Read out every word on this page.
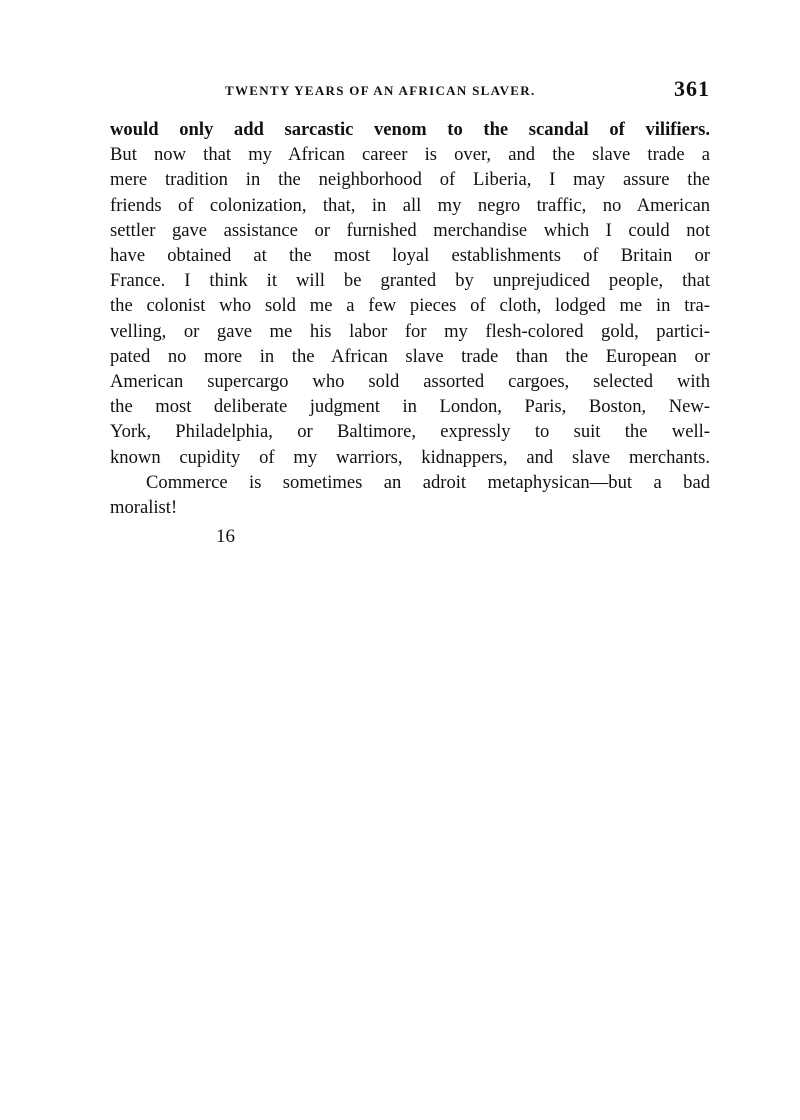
TWENTY YEARS OF AN AFRICAN SLAVER.	361
would only add sarcastic venom to the scandal of vilifiers.
But now that my African career is over, and the slave trade a
mere tradition in the neighborhood of Liberia, I may assure the
friends of colonization, that, in all my negro traffic, no American
settler gave assistance or furnished merchandise which I could not
have obtained at the most loyal establishments of Britain or
France. I think it will be granted by unprejudiced people, that
the colonist who sold me a few pieces of cloth, lodged me in tra-
velling, or gave me his labor for my flesh-colored gold, partici-
pated no more in the African slave trade than the European or
American supercargo who sold assorted cargoes, selected with
the most deliberate judgment in London, Paris, Boston, New-
York, Philadelphia, or Baltimore, expressly to suit the well-
known cupidity of my warriors, kidnappers, and slave merchants.
Commerce is sometimes an adroit metaphysican—but a bad
moralist!
16
